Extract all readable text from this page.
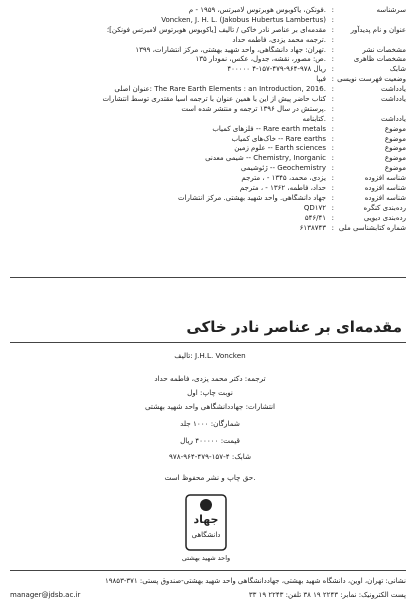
سرشناسه
:
فونکن، یاکوبوس هوبرتوس لامبرتس، ۱۹۵۹ - م.
:
Voncken, J. H. L. (Jakobus Hubertus Lambertus)
عنوان و نام پدیدآور
:
مقدمه‌ای بر عناصر نادر خاکی / تالیف [یاکوبوس هوبرتوس لامبرتس فونکن]؛
:
ترجمه محمد یزدی، فاطمه حداد.
مشخصات نشر
:
تهران: جهاد دانشگاهی، واحد شهید بهشتی، مرکز انتشارات، ۱۳۹۹.
مشخصات ظاهری
:
۱۳۵ ص: مصور، نقشه، جدول، عکس، نمودار.
شابک
:
۴۰۰۰۰۰ ریال ۹۷۸-۹۶۴-۴۷۹-۱۵۷-۴
وضعیت فهرست نویسی
:
فیپا
یادداشت
:
عنوان اصلی: The Rare Earth Elements : an Introduction, 2016.
یادداشت
:
کتاب حاضر پیش از این با همین عنوان با ترجمه اسیا مقتدری توسط انتشارات
:
پرستش در سال ۱۳۹۶ ترجمه و منتشر شده است.
یادداشت
:
کتابنامه.
موضوع
:
فلزهای کمیاب -- Rare earth metals
موضوع
:
خاک‌های کمیاب -- Rare earths
موضوع
:
علوم زمین -- Earth sciences
موضوع
:
شیمی معدنی -- Chemistry, Inorganic
موضوع
:
ژئوشیمی -- Geochemistry
شناسه افزوده
:
یزدی، محمد، ۱۳۴۵ - ، مترجم
شناسه افزوده
:
حداد، فاطمه، ۱۳۶۲ - ، مترجم
شناسه افزوده
:
جهاد دانشگاهی. واحد شهید بهشتی. مرکز انتشارات
رده‌بندی کنگره
:
QD۱۷۲
رده‌بندی دیویی
:
۵۴۶/۴۱
شماره کتابشناسی ملی
:
۶۱۳۸۷۴۳
مقدمه‌ای بر عناصر نادر خاکی
تالیف: J.H.L. Voncken
ترجمه: دکتر محمد یزدی، فاطمه حداد
نوبت چاپ: اول
انتشارات: جهاددانشگاهی واحد شهید بهشتی
شمارگان: ۱۰۰۰ جلد
قیمت: ۴۰۰۰۰۰ ریال
شابک: ۴-۱۵۷-۴۷۹-۹۶۴-۹۷۸
حق چاپ و نشر محفوظ است.
جهاد
دانشگاهی
واحد شهید بهشتی
نشانی: تهران، اوین، دانشگاه شهید بهشتی، جهاددانشگاهی واحد شهید بهشتی-صندوق پستی: ۳۷۱-۱۹۸۵۳
manager@jdsb.ac.ir	پست الکترونیک: نمابر: ۲۲۴۳ ۱۹ ۳۸ تلفن: ۲۲۴۳ ۱۹ ۳۳
